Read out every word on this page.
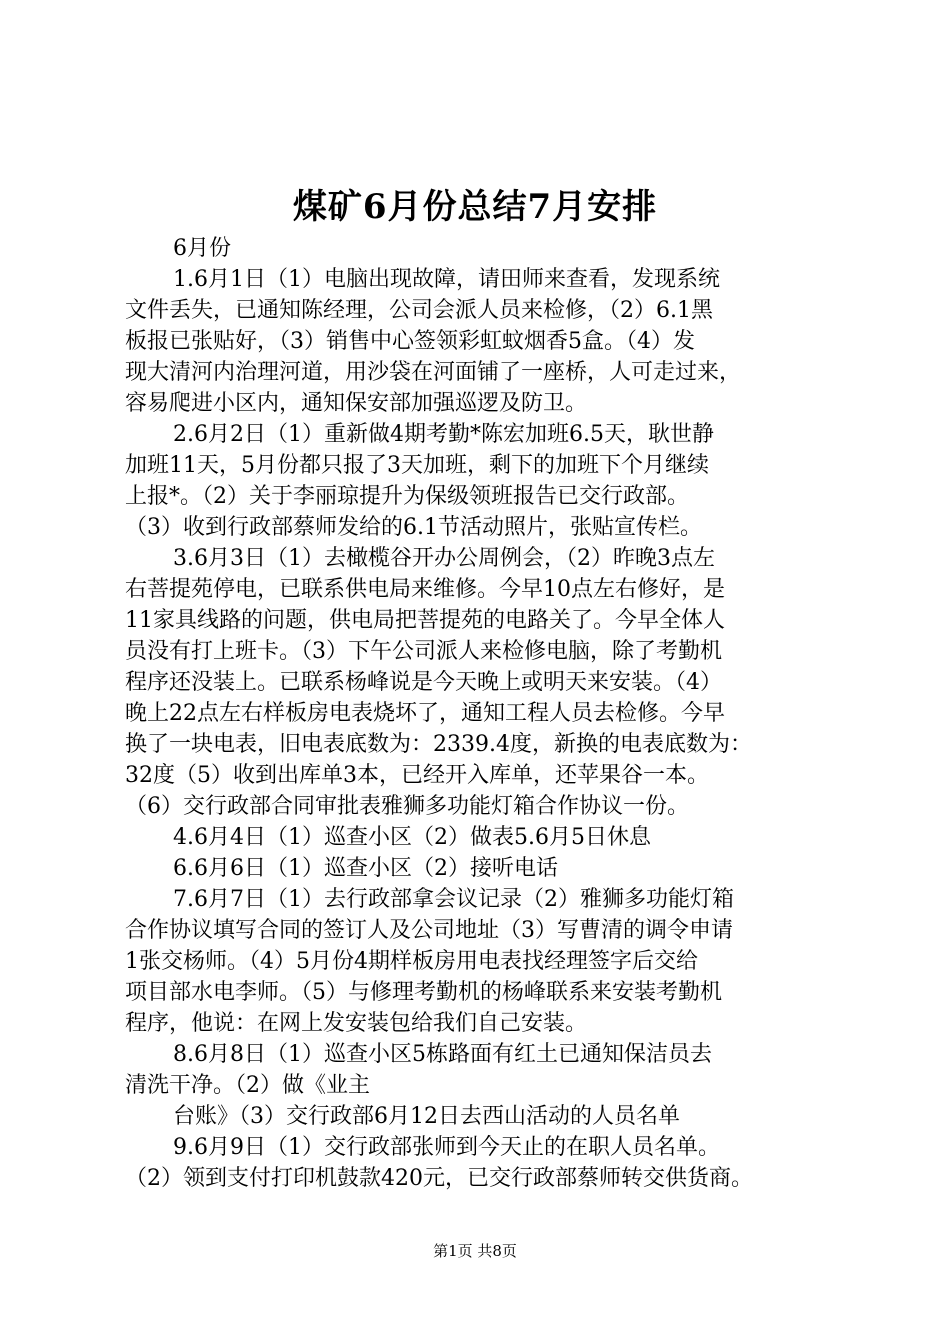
煤矿6月份总结7月安排
6月份
1.6月1日（1）电脑出现故障，请田师来查看，发现系统
文件丢失，已通知陈经理，公司会派人员来检修，（2）6.1黑
板报已张贴好，（3）销售中心签领彩虹蚊烟香5盒。（4）发
现大清河内治理河道，用沙袋在河面铺了一座桥，人可走过来，
容易爬进小区内，通知保安部加强巡逻及防卫。
2.6月2日（1）重新做4期考勤*陈宏加班6.5天，耿世静
加班11天，5月份都只报了3天加班，剩下的加班下个月继续
上报*。（2）关于李丽琼提升为保级领班报告已交行政部。
（3）收到行政部蔡师发给的6.1节活动照片，张贴宣传栏。
3.6月3日（1）去橄榄谷开办公周例会，（2）昨晚3点左
右菩提苑停电，已联系供电局来维修。今早10点左右修好，是
11家具线路的问题，供电局把菩提苑的电路关了。今早全体人
员没有打上班卡。（3）下午公司派人来检修电脑，除了考勤机
程序还没装上。已联系杨峰说是今天晚上或明天来安装。（4）
晚上22点左右样板房电表烧坏了，通知工程人员去检修。今早
换了一块电表，旧电表底数为：2339.4度，新换的电表底数为：
32度（5）收到出库单3本，已经开入库单，还苹果谷一本。
（6）交行政部合同审批表雅狮多功能灯箱合作协议一份。
4.6月4日（1）巡查小区（2）做表5.6月5日休息
6.6月6日（1）巡查小区（2）接听电话
7.6月7日（1）去行政部拿会议记录（2）雅狮多功能灯箱
合作协议填写合同的签订人及公司地址（3）写曹清的调令申请
1张交杨师。（4）5月份4期样板房用电表找经理签字后交给
项目部水电李师。（5）与修理考勤机的杨峰联系来安装考勤机
程序，他说：在网上发安装包给我们自己安装。
8.6月8日（1）巡查小区5栋路面有红土已通知保洁员去
清洗干净。（2）做《业主
台账》（3）交行政部6月12日去西山活动的人员名单
9.6月9日（1）交行政部张师到今天止的在职人员名单。
（2）领到支付打印机鼓款420元，已交行政部蔡师转交供货商。
第1页 共8页
